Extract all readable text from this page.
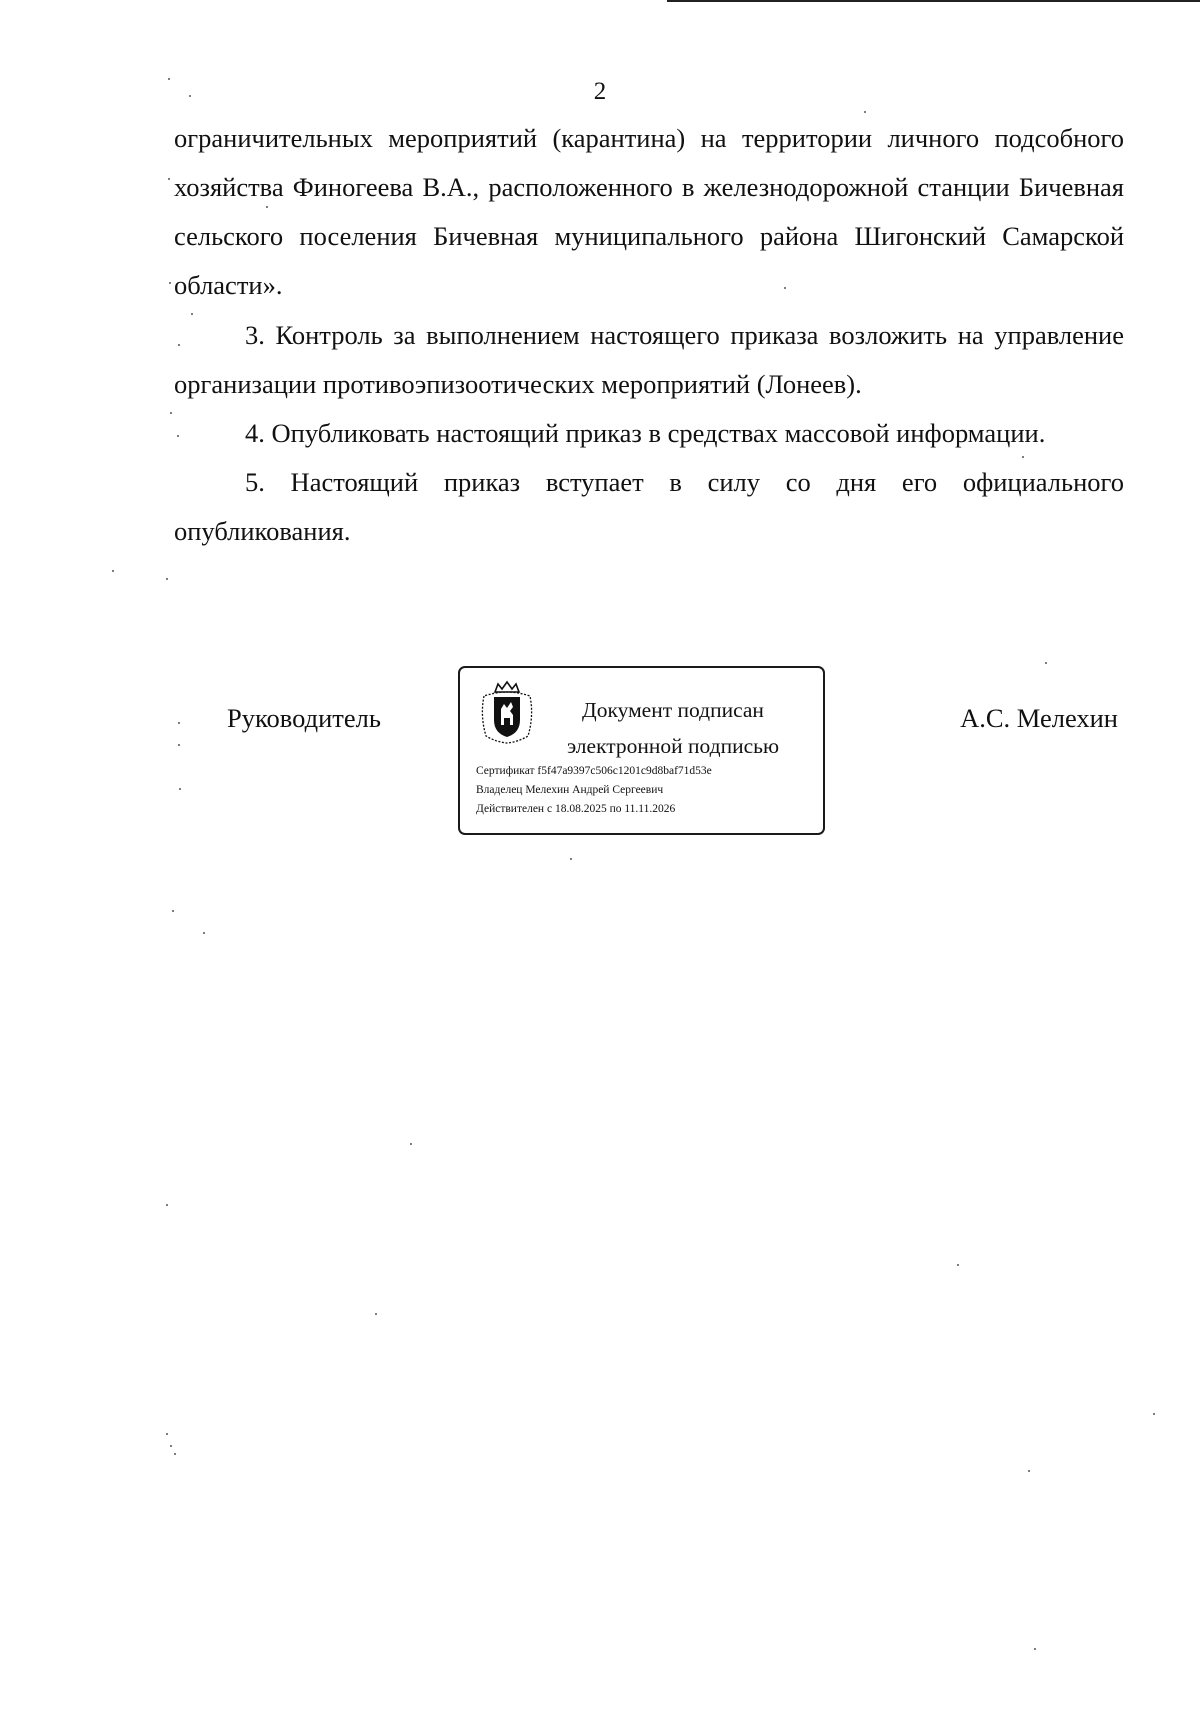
2

ограничительных мероприятий (карантина) на территории личного подсобного хозяйства Финогеева В.А., расположенного в железнодорожной станции Бичевная сельского поселения Бичевная муниципального района Шигонский Самарской области».

3. Контроль за выполнением настоящего приказа возложить на управление организации противоэпизоотических мероприятий (Лонеев).

4. Опубликовать настоящий приказ в средствах массовой информации.

5. Настоящий приказ вступает в силу со дня его официального опубликования.

Руководитель	Документ подписан
электронной подписью
Сертификат f5f47a9397c506c1201c9d8baf71d53e
Владелец Мелехин Андрей Сергеевич
Действителен с 18.08.2025 по 11.11.2026
А.С. Мелехин
